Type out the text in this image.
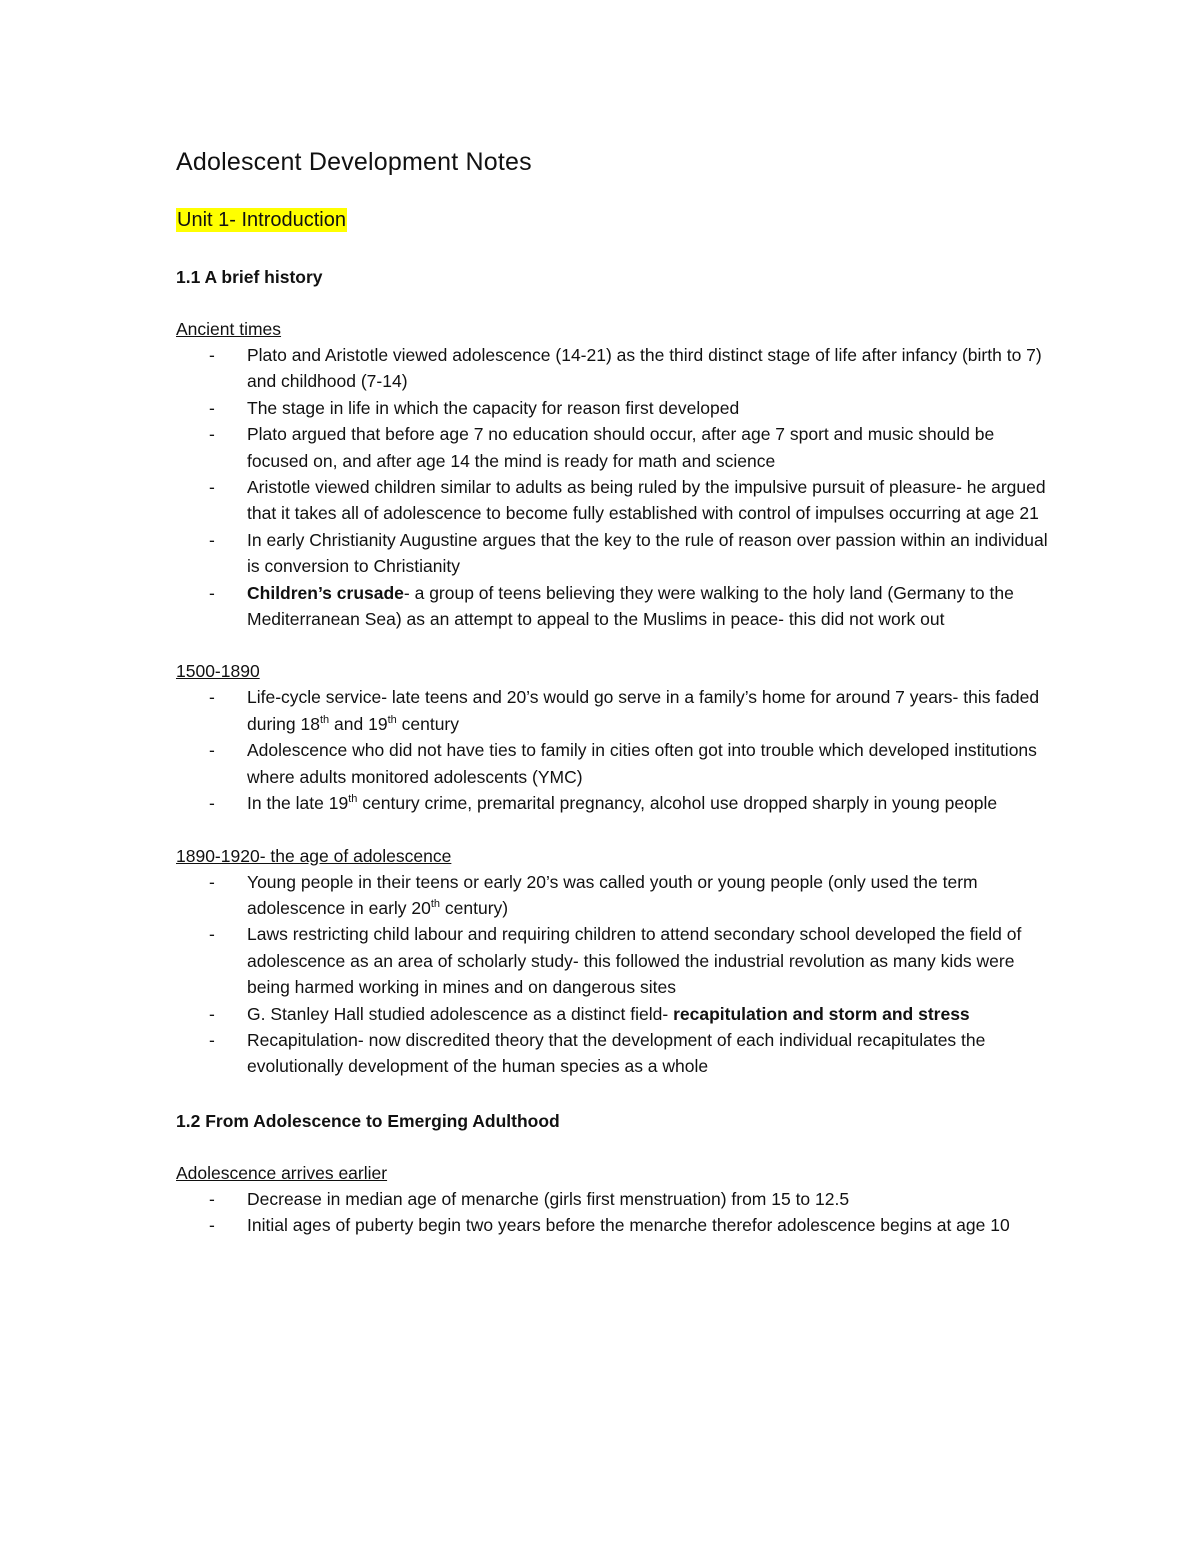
Adolescent Development Notes
Unit 1- Introduction
1.1 A brief history
Ancient times
- Plato and Aristotle viewed adolescence (14-21) as the third distinct stage of life after infancy (birth to 7) and childhood (7-14)
- The stage in life in which the capacity for reason first developed
- Plato argued that before age 7 no education should occur, after age 7 sport and music should be focused on, and after age 14 the mind is ready for math and science
- Aristotle viewed children similar to adults as being ruled by the impulsive pursuit of pleasure- he argued that it takes all of adolescence to become fully established with control of impulses occurring at age 21
- In early Christianity Augustine argues that the key to the rule of reason over passion within an individual is conversion to Christianity
- Children’s crusade- a group of teens believing they were walking to the holy land (Germany to the Mediterranean Sea) as an attempt to appeal to the Muslims in peace- this did not work out
1500-1890
- Life-cycle service- late teens and 20’s would go serve in a family’s home for around 7 years- this faded during 18th and 19th century
- Adolescence who did not have ties to family in cities often got into trouble which developed institutions where adults monitored adolescents (YMC)
- In the late 19th century crime, premarital pregnancy, alcohol use dropped sharply in young people
1890-1920- the age of adolescence
- Young people in their teens or early 20’s was called youth or young people (only used the term adolescence in early 20th century)
- Laws restricting child labour and requiring children to attend secondary school developed the field of adolescence as an area of scholarly study- this followed the industrial revolution as many kids were being harmed working in mines and on dangerous sites
- G. Stanley Hall studied adolescence as a distinct field- recapitulation and storm and stress
- Recapitulation- now discredited theory that the development of each individual recapitulates the evolutionally development of the human species as a whole
1.2 From Adolescence to Emerging Adulthood
Adolescence arrives earlier
- Decrease in median age of menarche (girls first menstruation) from 15 to 12.5
- Initial ages of puberty begin two years before the menarche therefor adolescence begins at age 10
